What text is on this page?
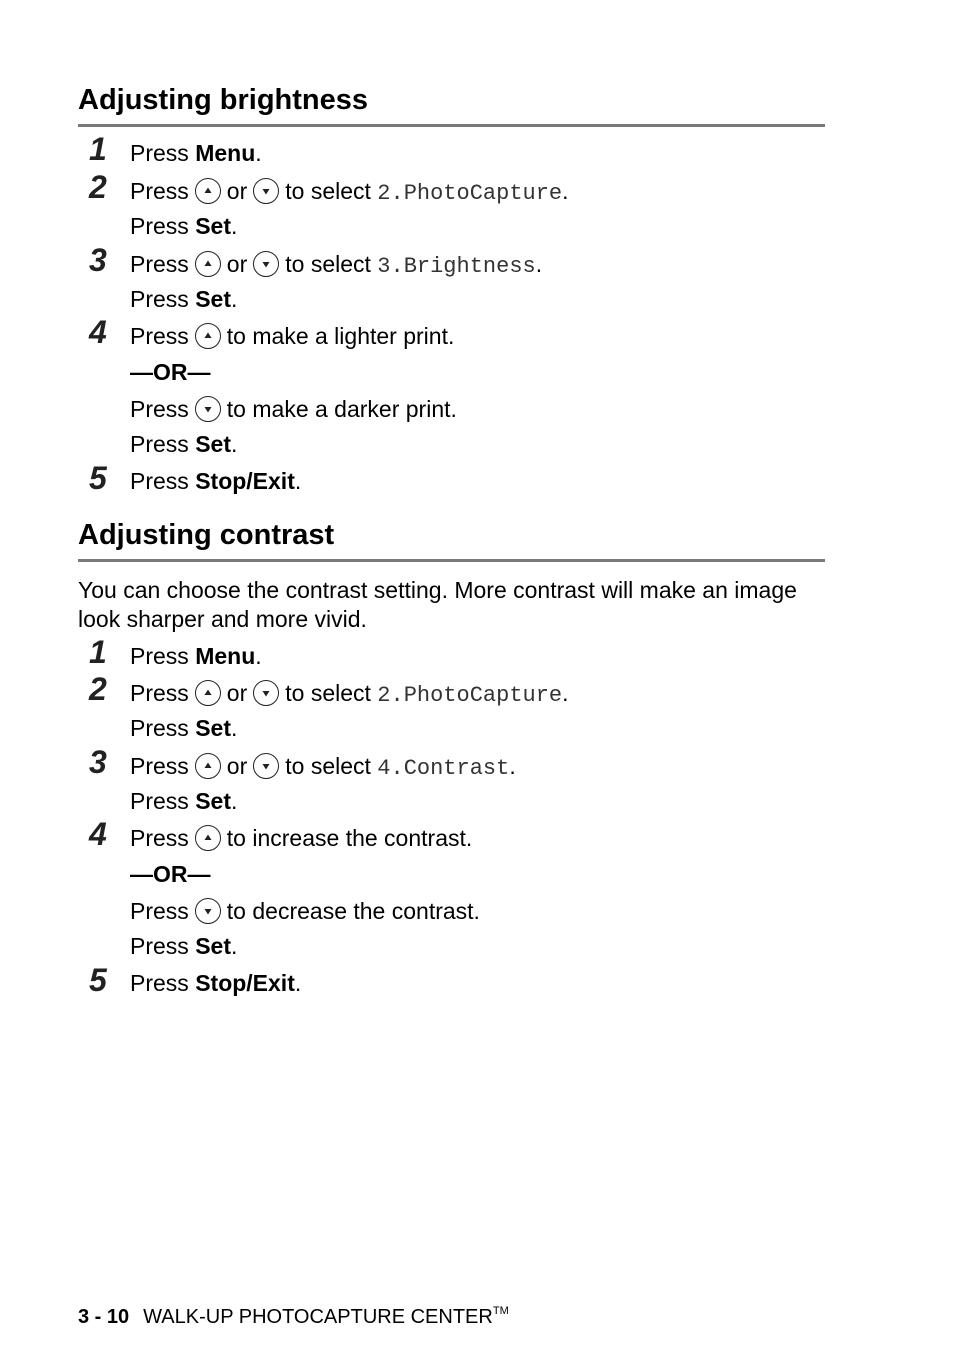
Adjusting brightness
1 Press Menu.
2 Press or to select 2.PhotoCapture.
Press Set.
3 Press or to select 3.Brightness.
Press Set.
4 Press to make a lighter print.
—OR—
Press to make a darker print.
Press Set.
5 Press Stop/Exit.
Adjusting contrast

You can choose the contrast setting. More contrast will make an image look sharper and more vivid.

1 Press Menu.
2 Press or to select 2.PhotoCapture.
Press Set.
3 Press or to select 4.Contrast.
Press Set.
4 Press to increase the contrast.
—OR—
Press to decrease the contrast.
Press Set.
5 Press Stop/Exit.
3 - 10 WALK-UP PHOTOCAPTURE CENTER™
